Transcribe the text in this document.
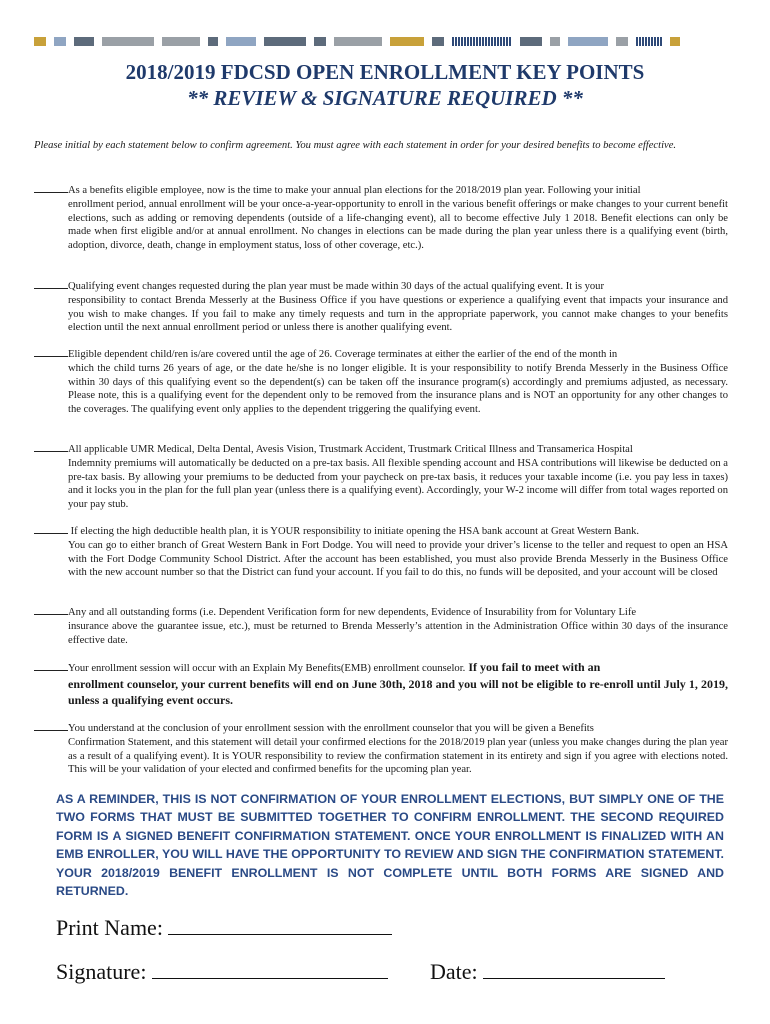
2018/2019 FDCSD OPEN ENROLLMENT KEY POINTS
** REVIEW & SIGNATURE REQUIRED **
Please initial by each statement below to confirm agreement. You must agree with each statement in order for your desired benefits to become effective.
As a benefits eligible employee, now is the time to make your annual plan elections for the 2018/2019 plan year. Following your initial
enrollment period, annual enrollment will be your once-a-year-opportunity to enroll in the various benefit offerings or make changes to your current benefit elections, such as adding or removing dependents (outside of a life-changing event), all to become effective July 1 2018. Benefit elections can only be made when first eligible and/or at annual enrollment. No changes in elections can be made during the plan year unless there is a qualifying event (birth, adoption, divorce, death, change in employment status, loss of other coverage, etc.).
Qualifying event changes requested during the plan year must be made within 30 days of the actual qualifying event. It is your
responsibility to contact Brenda Messerly at the Business Office if you have questions or experience a qualifying event that impacts your insurance and you wish to make changes. If you fail to make any timely requests and turn in the appropriate paperwork, you cannot make changes to your benefits election until the next annual enrollment period or unless there is another qualifying event.
Eligible dependent child/ren is/are covered until the age of 26. Coverage terminates at either the earlier of the end of the month in
which the child turns 26 years of age, or the date he/she is no longer eligible. It is your responsibility to notify Brenda Messerly in the Business Office within 30 days of this qualifying event so the dependent(s) can be taken off the insurance program(s) accordingly and premiums adjusted, as necessary. Please note, this is a qualifying event for the dependent only to be removed from the insurance plans and is NOT an opportunity for any other changes to the coverages. The qualifying event only applies to the dependent triggering the qualifying event.
All applicable UMR Medical, Delta Dental, Avesis Vision, Trustmark Accident, Trustmark Critical Illness and Transamerica Hospital
Indemnity premiums will automatically be deducted on a pre-tax basis. All flexible spending account and HSA contributions will likewise be deducted on a pre-tax basis. By allowing your premiums to be deducted from your paycheck on pre-tax basis, it reduces your taxable income (i.e. you pay less in taxes) and it locks you in the plan for the full plan year (unless there is a qualifying event). Accordingly, your W-2 income will differ from total wages reported on your pay stub.
If electing the high deductible health plan, it is YOUR responsibility to initiate opening the HSA bank account at Great Western Bank.
You can go to either branch of Great Western Bank in Fort Dodge. You will need to provide your driver’s license to the teller and request to open an HSA with the Fort Dodge Community School District. After the account has been established, you must also provide Brenda Messerly in the Business Office with the new account number so that the District can fund your account. If you fail to do this, no funds will be deposited, and your account will be closed
Any and all outstanding forms (i.e. Dependent Verification form for new dependents, Evidence of Insurability from for Voluntary Life
insurance above the guarantee issue, etc.), must be returned to Brenda Messerly’s attention in the Administration Office within 30 days of the insurance effective date.
Your enrollment session will occur with an Explain My Benefits(EMB) enrollment counselor. If you fail to meet with an
enrollment counselor, your current benefits will end on June 30th, 2018 and you will not be eligible to re-enroll until July 1, 2019, unless a qualifying event occurs.
You understand at the conclusion of your enrollment session with the enrollment counselor that you will be given a Benefits
Confirmation Statement, and this statement will detail your confirmed elections for the 2018/2019 plan year (unless you make changes during the plan year as a result of a qualifying event). It is YOUR responsibility to review the confirmation statement in its entirety and sign if you agree with elections noted. This will be your validation of your elected and confirmed benefits for the upcoming plan year.
AS A REMINDER, THIS IS NOT CONFIRMATION OF YOUR ENROLLMENT ELECTIONS, BUT SIMPLY ONE OF THE TWO FORMS THAT MUST BE SUBMITTED TOGETHER TO CONFIRM ENROLLMENT. THE SECOND REQUIRED FORM IS A SIGNED BENEFIT CONFIRMATION STATEMENT. ONCE YOUR ENROLLMENT IS FINALIZED WITH AN EMB ENROLLER, YOU WILL HAVE THE OPPORTUNITY TO REVIEW AND SIGN THE CONFIRMATION STATEMENT. YOUR 2018/2019 BENEFIT ENROLLMENT IS NOT COMPLETE UNTIL BOTH FORMS ARE SIGNED AND RETURNED.
Print Name:
Signature:	Date:
